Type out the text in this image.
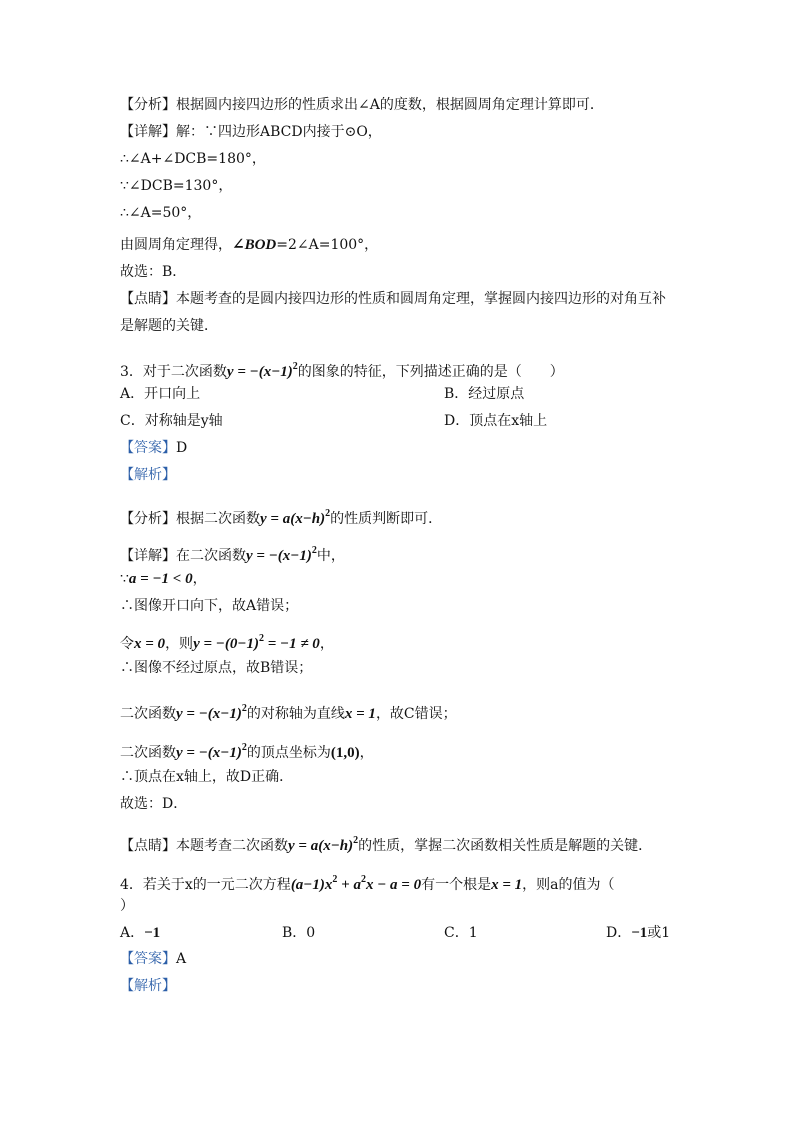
【分析】根据圆内接四边形的性质求出∠A的度数，根据圆周角定理计算即可．
【详解】解：∵四边形ABCD内接于⊙O，
∴∠A+∠DCB=180°，
∵∠DCB=130°，
∴∠A=50°，
由圆周角定理得，∠BOD=2∠A=100°，
故选：B．
【点睛】本题考查的是圆内接四边形的性质和圆周角定理，掌握圆内接四边形的对角互补
是解题的关键．
3．对于二次函数$y = -(x-1)^2$的图象的特征，下列描述正确的是（　　）
A．开口向上	B．经过原点
C．对称轴是y轴	D．顶点在x轴上
【答案】D
【解析】
【分析】根据二次函数$y = a(x-h)^2$的性质判断即可．
【详解】在二次函数$y = -(x-1)^2$中，
∵a = −1 < 0，
∴图像开口向下，故A错误；
令x = 0，则$y = -(0-1)^2 = -1 \ne 0$，
∴图像不经过原点，故B错误；
二次函数$y = -(x-1)^2$的对称轴为直线x = 1，故C错误；
二次函数$y = -(x-1)^2$的顶点坐标为(1,0)，
∴顶点在x轴上，故D正确．
故选：D．
【点睛】本题考查二次函数$y = a(x-h)^2$的性质，掌握二次函数相关性质是解题的关键．
4．若关于x的一元二次方程$(a-1)x^2 + a^2x - a = 0$有一个根是x = 1，则a的值为（
）
A．−1	B．0	C．1	D．−1或1
【答案】A
【解析】
